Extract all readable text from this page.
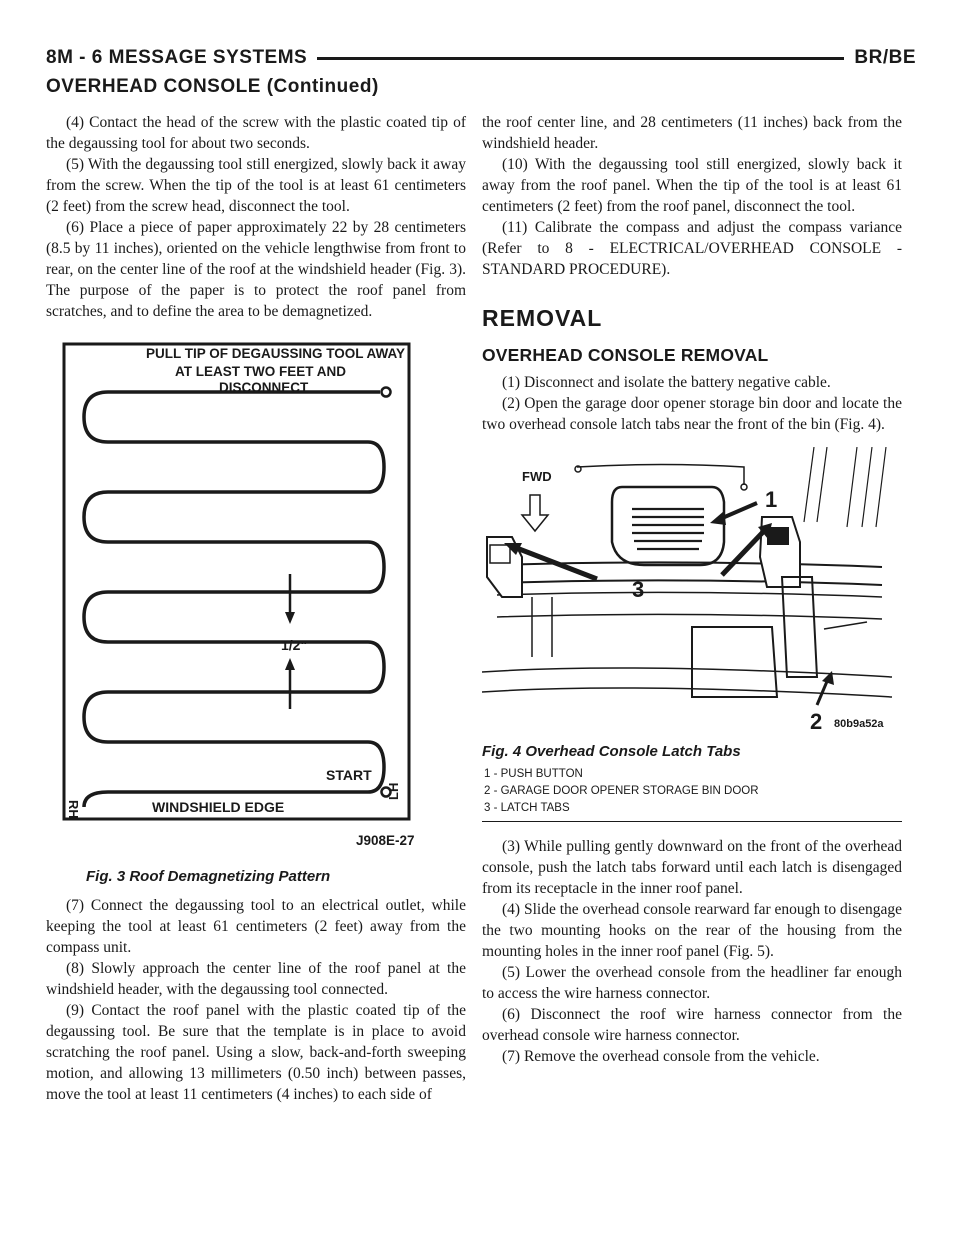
8M - 6 MESSAGE SYSTEMS	BR/BE
OVERHEAD CONSOLE (Continued)

(4) Contact the head of the screw with the plastic coated tip of the degaussing tool for about two seconds.

(5) With the degaussing tool still energized, slowly back it away from the screw. When the tip of the tool is at least 61 centimeters (2 feet) from the screw head, disconnect the tool.

(6) Place a piece of paper approximately 22 by 28 centimeters (8.5 by 11 inches), oriented on the vehicle lengthwise from front to rear, on the center line of the roof at the windshield header (Fig. 3). The purpose of the paper is to protect the roof panel from scratches, and to define the area to be demagnetized.

PULL TIP OF DEGAUSSING TOOL AWAY
AT LEAST TWO FEET AND
DISCONNECT
1/2"
START
WINDSHIELD EDGE
RH
LH
J908E-27
Fig. 3 Roof Demagnetizing Pattern

(7) Connect the degaussing tool to an electrical outlet, while keeping the tool at least 61 centimeters (2 feet) away from the compass unit.

(8) Slowly approach the center line of the roof panel at the windshield header, with the degaussing tool connected.

(9) Contact the roof panel with the plastic coated tip of the degaussing tool. Be sure that the template is in place to avoid scratching the roof panel. Using a slow, back-and-forth sweeping motion, and allowing 13 millimeters (0.50 inch) between passes, move the tool at least 11 centimeters (4 inches) to each side of

the roof center line, and 28 centimeters (11 inches) back from the windshield header.

(10) With the degaussing tool still energized, slowly back it away from the roof panel. When the tip of the tool is at least 61 centimeters (2 feet) from the roof panel, disconnect the tool.

(11) Calibrate the compass and adjust the compass variance (Refer to 8 - ELECTRICAL/OVERHEAD CONSOLE - STANDARD PROCEDURE).

REMOVAL
OVERHEAD CONSOLE REMOVAL

(1) Disconnect and isolate the battery negative cable.

(2) Open the garage door opener storage bin door and locate the two overhead console latch tabs near the front of the bin (Fig. 4).

FWD
1
2
3
80b9a52a
Fig. 4 Overhead Console Latch Tabs
1 - PUSH BUTTON
2 - GARAGE DOOR OPENER STORAGE BIN DOOR
3 - LATCH TABS

(3) While pulling gently downward on the front of the overhead console, push the latch tabs forward until each latch is disengaged from its receptacle in the inner roof panel.

(4) Slide the overhead console rearward far enough to disengage the two mounting hooks on the rear of the housing from the mounting holes in the inner roof panel (Fig. 5).

(5) Lower the overhead console from the headliner far enough to access the wire harness connector.

(6) Disconnect the roof wire harness connector from the overhead console wire harness connector.

(7) Remove the overhead console from the vehicle.
